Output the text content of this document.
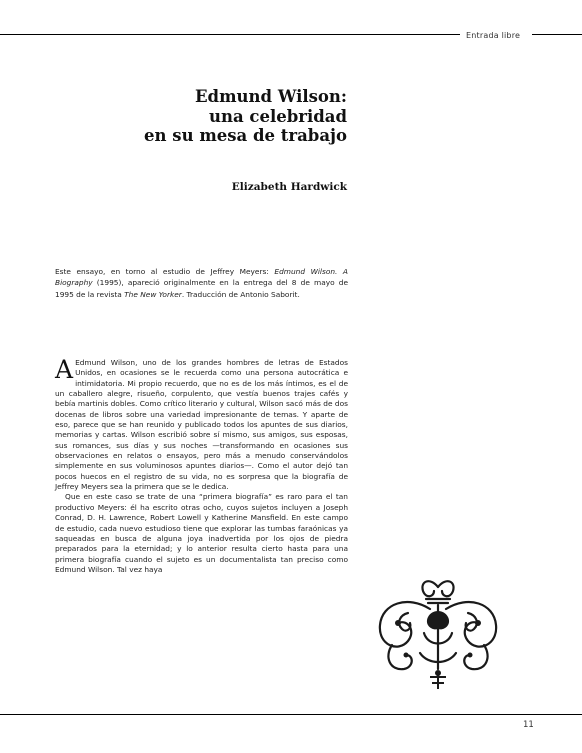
Entrada libre
Edmund Wilson:
una celebridad
en su mesa de trabajo
Elizabeth Hardwick
Este ensayo, en torno al estudio de Jeffrey Meyers: Edmund Wilson. A Biography (1995), apareció originalmente en la entrega del 8 de mayo de 1995 de la revista The New Yorker. Traducción de Antonio Saborit.

A Edmund Wilson, uno de los grandes hombres de letras de Estados Unidos, en ocasiones se le recuerda como una persona autocrática e intimidatoria. Mi propio recuerdo, que no es de los más íntimos, es el de un caballero alegre, risueño, corpulento, que vestía buenos trajes cafés y bebía martinis dobles. Como crítico literario y cultural, Wilson sacó más de dos docenas de libros sobre una variedad impresionante de temas. Y aparte de eso, parece que se han reunido y publicado todos los apuntes de sus diarios, memorias y cartas. Wilson escribió sobre sí mismo, sus amigos, sus esposas, sus romances, sus días y sus noches —transformando en ocasiones sus observaciones en relatos o ensayos, pero más a menudo conservándolos simplemente en sus voluminosos apuntes diarios—. Como el autor dejó tan pocos huecos en el registro de su vida, no es sorpresa que la biografía de Jeffrey Meyers sea la primera que se le dedica.

Que en este caso se trate de una “primera biografía” es raro para el tan productivo Meyers: él ha escrito otras ocho, cuyos sujetos incluyen a Joseph Conrad, D. H. Lawrence, Robert Lowell y Katherine Mansfield. En este campo de estudio, cada nuevo estudioso tiene que explorar las tumbas faraónicas ya saqueadas en busca de alguna joya inadvertida por los ojos de piedra preparados para la eternidad; y lo anterior resulta cierto hasta para una primera biografía cuando el sujeto es un documentalista tan preciso como Edmund Wilson. Tal vez haya

11
